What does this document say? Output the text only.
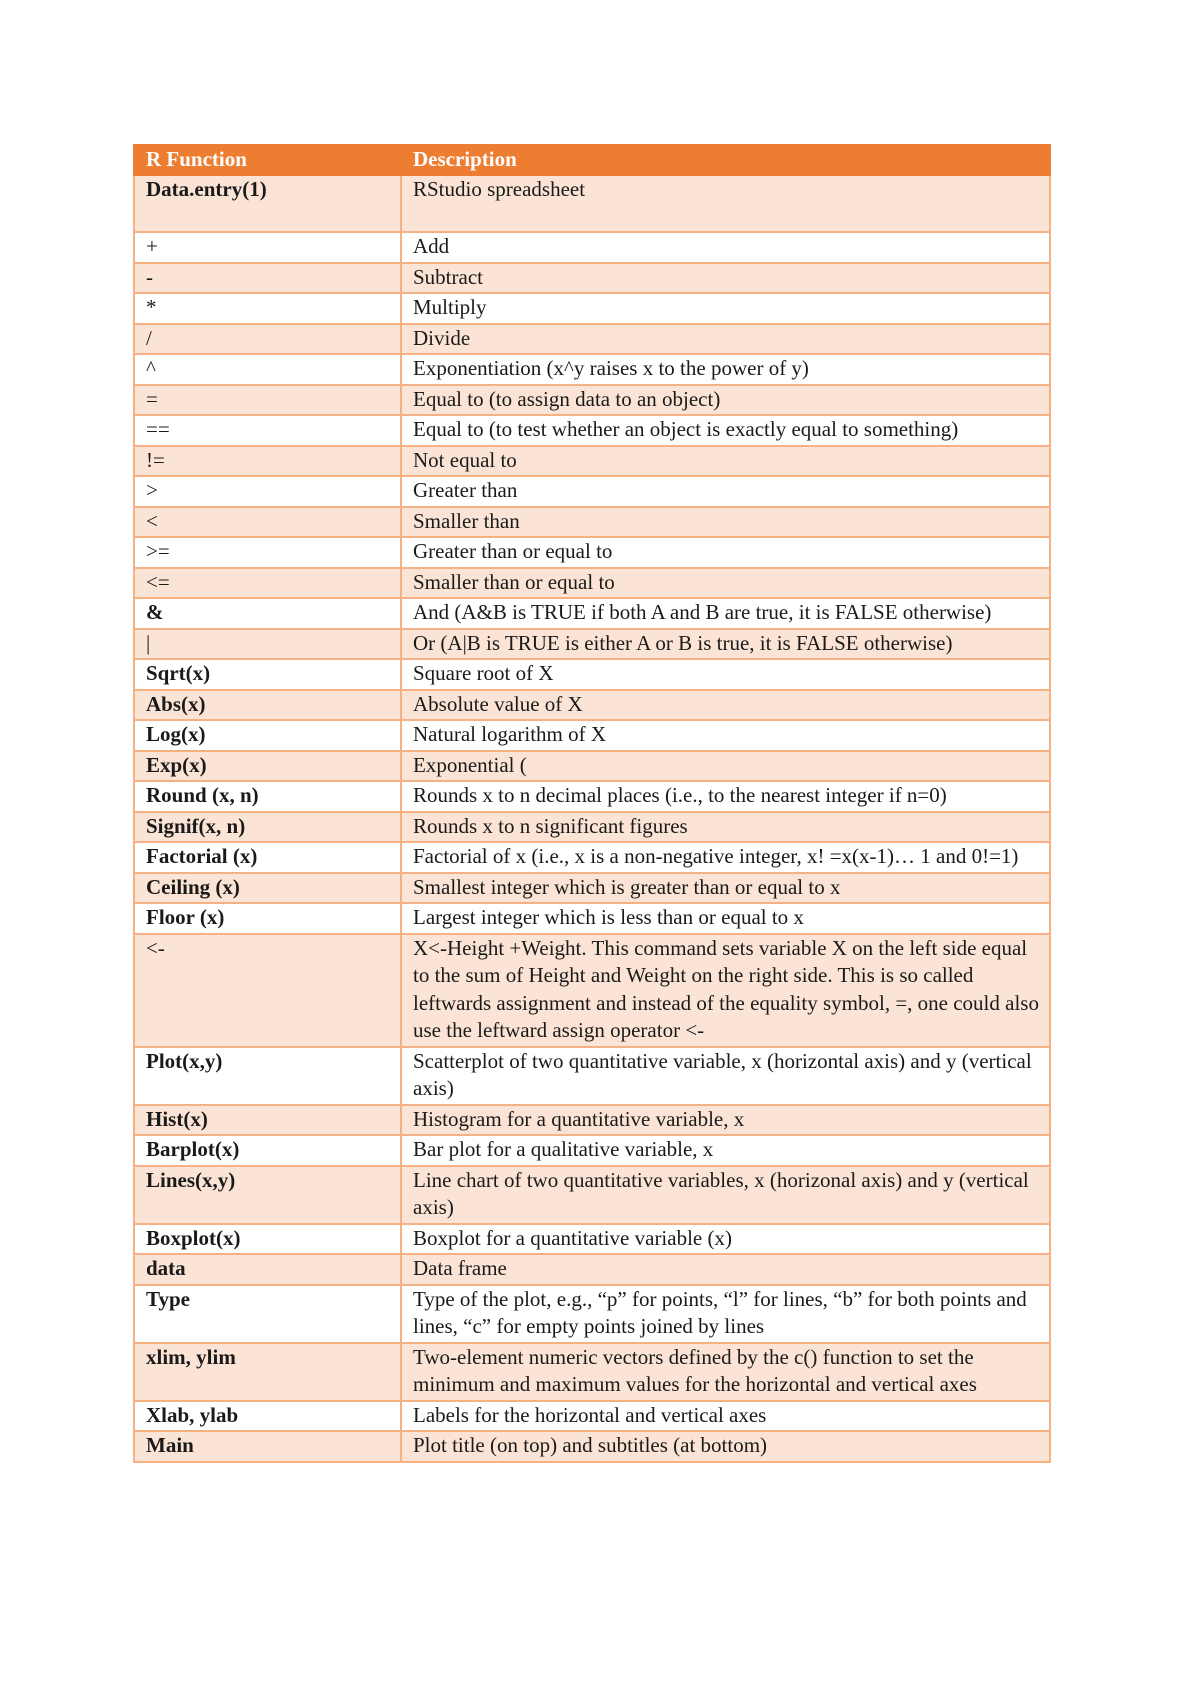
R Function	Description
Data.entry(1)	RStudio spreadsheet
+	Add
-	Subtract
*	Multiply
/	Divide
^	Exponentiation (x^y raises x to the power of y)
=	Equal to (to assign data to an object)
==	Equal to (to test whether an object is exactly equal to something)
!=	Not equal to
>	Greater than
<	Smaller than
>=	Greater than or equal to
<=	Smaller than or equal to
&	And (A&B is TRUE if both A and B are true, it is FALSE otherwise)
|	Or (A|B is TRUE is either A or B is true, it is FALSE otherwise)
Sqrt(x)	Square root of X
Abs(x)	Absolute value of X
Log(x)	Natural logarithm of X
Exp(x)	Exponential (
Round (x, n)	Rounds x to n decimal places (i.e., to the nearest integer if n=0)
Signif(x, n)	Rounds x to n significant figures
Factorial (x)	Factorial of x (i.e., x is a non-negative integer, x! =x(x-1)… 1 and 0!=1)
Ceiling (x)	Smallest integer which is greater than or equal to x
Floor (x)	Largest integer which is less than or equal to x
<-	X<-Height +Weight. This command sets variable X on the left side equal to the sum of Height and Weight on the right side. This is so called leftwards assignment and instead of the equality symbol, =, one could also use the leftward assign operator <-
Plot(x,y)	Scatterplot of two quantitative variable, x (horizontal axis) and y (vertical axis)
Hist(x)	Histogram for a quantitative variable, x
Barplot(x)	Bar plot for a qualitative variable, x
Lines(x,y)	Line chart of two quantitative variables, x (horizonal axis) and y (vertical axis)
Boxplot(x)	Boxplot for a quantitative variable (x)
data	Data frame
Type	Type of the plot, e.g., “p” for points, “l” for lines, “b” for both points and lines, “c” for empty points joined by lines
xlim, ylim	Two-element numeric vectors defined by the c() function to set the minimum and maximum values for the horizontal and vertical axes
Xlab, ylab	Labels for the horizontal and vertical axes
Main	Plot title (on top) and subtitles (at bottom)
